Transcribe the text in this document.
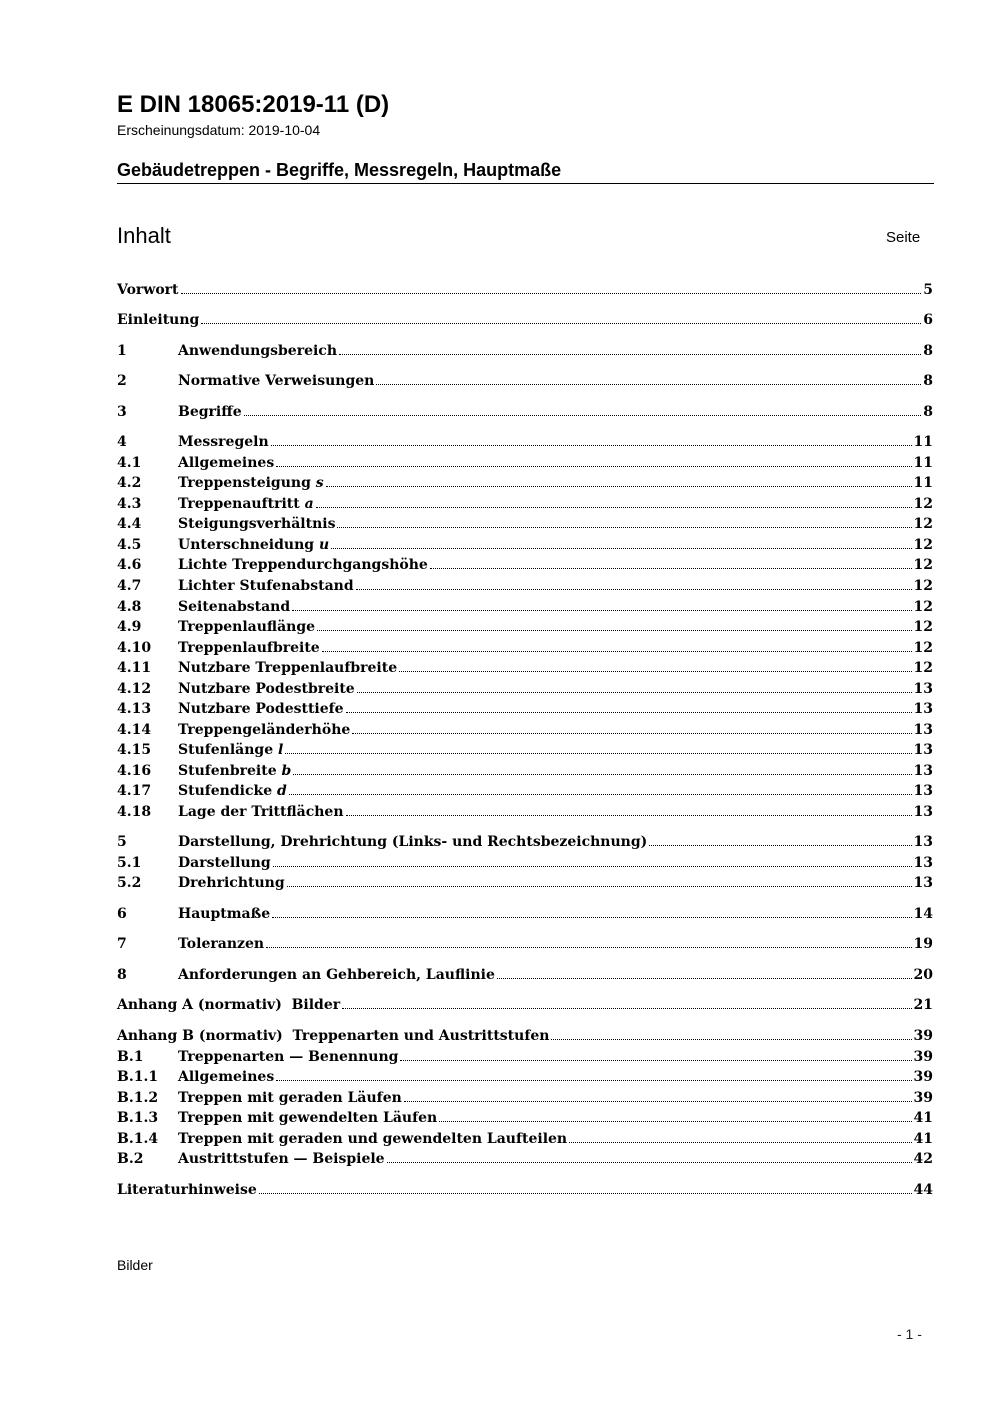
E DIN 18065:2019-11 (D)
Erscheinungsdatum: 2019-10-04
Gebäudetreppen - Begriffe, Messregeln, Hauptmaße
Inhalt	Seite
Vorwort	5
Einleitung	6
1	Anwendungsbereich	8
2	Normative Verweisungen	8
3	Begriffe	8
4	Messregeln	11
4.1	Allgemeines	11
4.2	Treppensteigung s	11
4.3	Treppenauftritt a	12
4.4	Steigungsverhältnis	12
4.5	Unterschneidung u	12
4.6	Lichte Treppendurchgangshöhe	12
4.7	Lichter Stufenabstand	12
4.8	Seitenabstand	12
4.9	Treppenlauflänge	12
4.10	Treppenlaufbreite	12
4.11	Nutzbare Treppenlaufbreite	12
4.12	Nutzbare Podestbreite	13
4.13	Nutzbare Podesttiefe	13
4.14	Treppengeländerhöhe	13
4.15	Stufenlänge l	13
4.16	Stufenbreite b	13
4.17	Stufendicke d	13
4.18	Lage der Trittflächen	13
5	Darstellung, Drehrichtung (Links- und Rechtsbezeichnung)	13
5.1	Darstellung	13
5.2	Drehrichtung	13
6	Hauptmaße	14
7	Toleranzen	19
8	Anforderungen an Gehbereich, Lauflinie	20
Anhang A (normativ)  Bilder	21
Anhang B (normativ)  Treppenarten und Austrittstufen	39
B.1	Treppenarten — Benennung	39
B.1.1	Allgemeines	39
B.1.2	Treppen mit geraden Läufen	39
B.1.3	Treppen mit gewendelten Läufen	41
B.1.4	Treppen mit geraden und gewendelten Laufteilen	41
B.2	Austrittstufen — Beispiele	42
Literaturhinweise	44
Bilder
- 1 -
